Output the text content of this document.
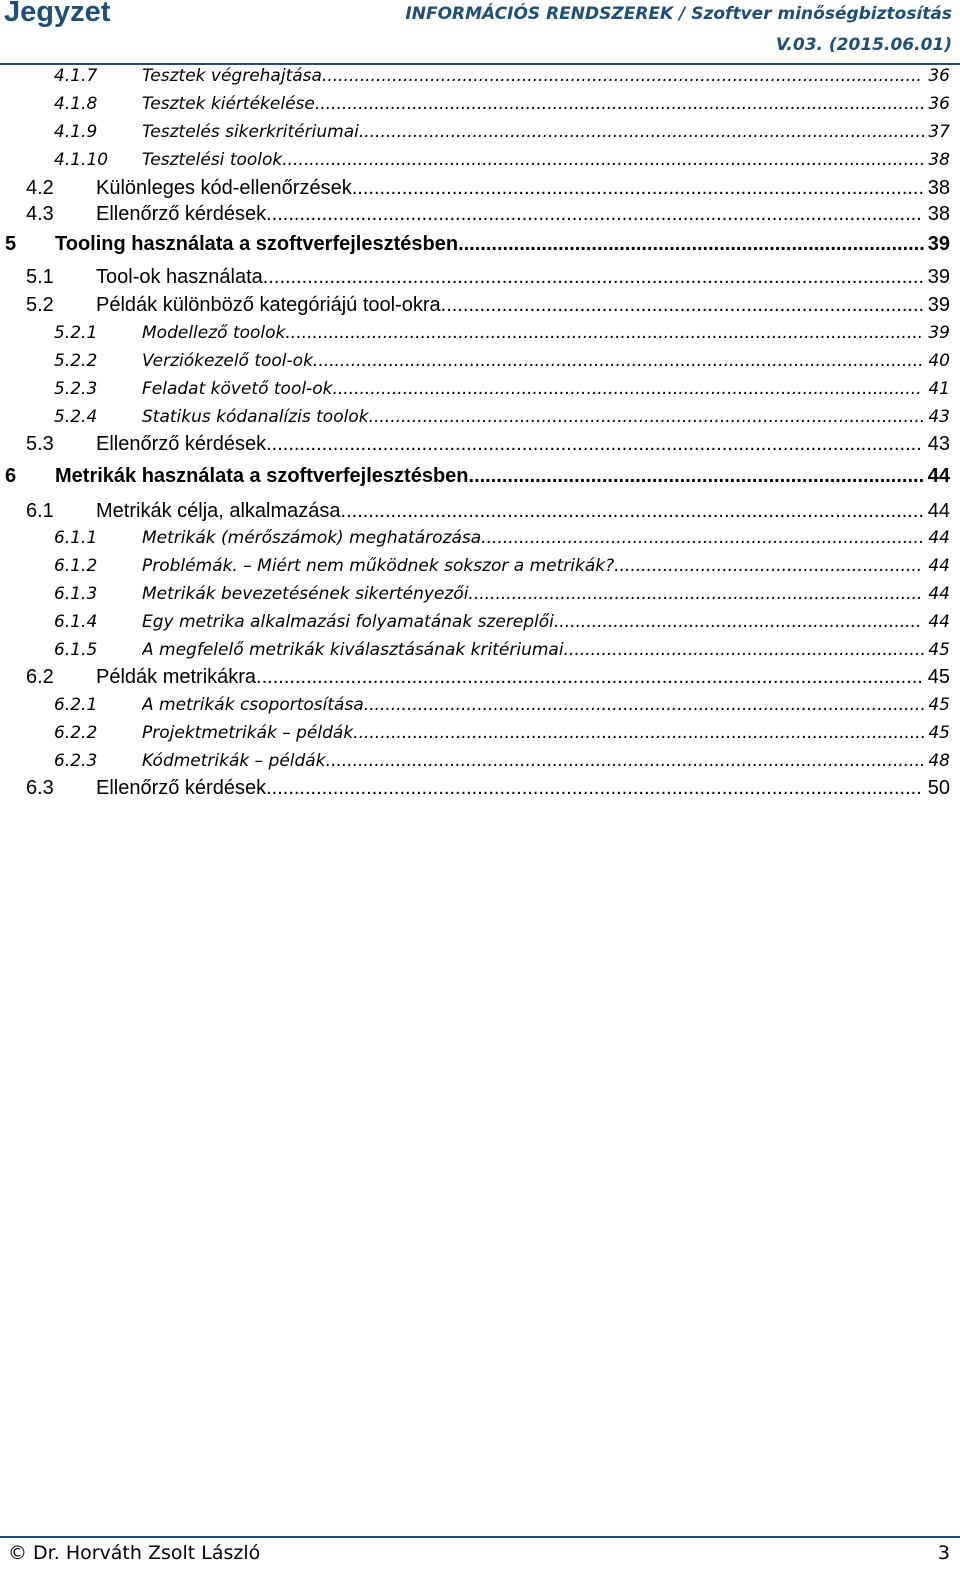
Jegyzet	INFORMÁCIÓS RENDSZEREK / Szoftver minőségbiztosítás
V.03. (2015.06.01)
4.1.7	Tesztek végrehajtása............................................................................................................... 36
4.1.8	Tesztek kiértékelése................................................................................................................. 36
4.1.9	Tesztelés sikerkritériumai......................................................................................................... 37
4.1.10 Tesztelési toolok....................................................................................................................... 38
4.2 Különleges kód-ellenőrzések....................................................................................................... 38
4.3 Ellenőrző kérdések...................................................................................................................... 38
5 Tooling használata a szoftverfejlesztésben.................................................................................... 39
5.1 Tool-ok használata....................................................................................................................... 39
5.2 Példák különböző kategóriájú tool-okra....................................................................................... 39
5.2.1	Modellező toolok...................................................................................................................... 39
5.2.2	Verziókezelő tool-ok................................................................................................................. 40
5.2.3	Feladat követő tool-ok............................................................................................................. 41
5.2.4	Statikus kódanalízis toolok....................................................................................................... 43
5.3 Ellenőrző kérdések...................................................................................................................... 43
6 Metrikák használata a szoftverfejlesztésben.................................................................................. 44
6.1 Metrikák célja, alkalmazása......................................................................................................... 44
6.1.1	Metrikák (mérőszámok) meghatározása.................................................................................. 44
6.1.2	Problémák. – Miért nem működnek sokszor a metrikák?......................................................... 44
6.1.3	Metrikák bevezetésének sikertényezői.................................................................................... 44
6.1.4	Egy metrika alkalmazási folyamatának szereplői.................................................................... 44
6.1.5	A megfelelő metrikák kiválasztásának kritériumai................................................................... 45
6.2 Példák metrikákra........................................................................................................................ 45
6.2.1	A metrikák csoportosítása........................................................................................................ 45
6.2.2	Projektmetrikák – példák.......................................................................................................... 45
6.2.3	Kódmetrikák – példák............................................................................................................... 48
6.3 Ellenőrző kérdések...................................................................................................................... 50
© Dr. Horváth Zsolt László	3
